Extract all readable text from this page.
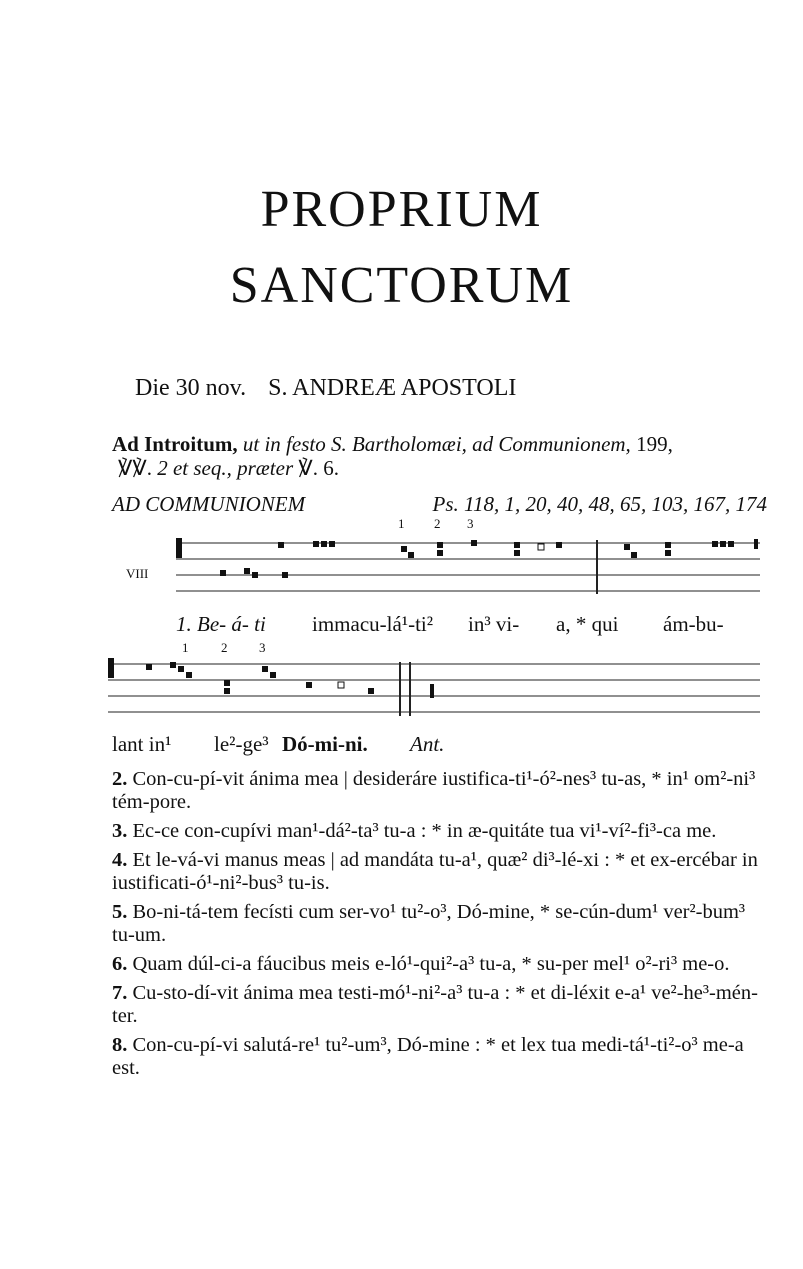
PROPRIUM
SANCTORUM
Die 30 nov. S. ANDREÆ APOSTOLI
Ad Introitum, ut in festo S. Bartholomæi, ad Communionem, 199,
℣℣. 2 et seq., præter ℣. 6.
AD COMMUNIONEM	Ps. 118, 1, 20, 40, 48, 65, 103, 167, 174
1 2 3
VIII
1. Be- á- ti immacu-lá¹-ti² in³ vi- a, * qui ám-bu-
1	2 3
lant in¹ le²-ge³ Dó-mi-ni. Ant.
2. Con-cu-pí-vit ánima mea | desideráre iustifica-ti¹-ó²-nes³ tu-as, * in¹ om²-ni³ tém-pore.
3. Ec-ce con-cupívi man¹-dá²-ta³ tu-a : * in æ-quitáte tua vi¹-ví²-fi³-ca me.
4. Et le-vá-vi manus meas | ad mandáta tu-a¹, quæ² di³-lé-xi : * et ex-ercébar in iustificati-ó¹-ni²-bus³ tu-is.
5. Bo-ni-tá-tem fecísti cum ser-vo¹ tu²-o³, Dó-mine, * se-cún-dum¹ ver²-bum³ tu-um.
6. Quam dúl-ci-a fáucibus meis e-ló¹-qui²-a³ tu-a, * su-per mel¹ o²-ri³ me-o.
7. Cu-sto-dí-vit ánima mea testi-mó¹-ni²-a³ tu-a : * et di-léxit e-a¹ ve²-he³-mén-ter.
8. Con-cu-pí-vi salutá-re¹ tu²-um³, Dó-mine : * et lex tua medi-tá¹-ti²-o³ me-a est.
